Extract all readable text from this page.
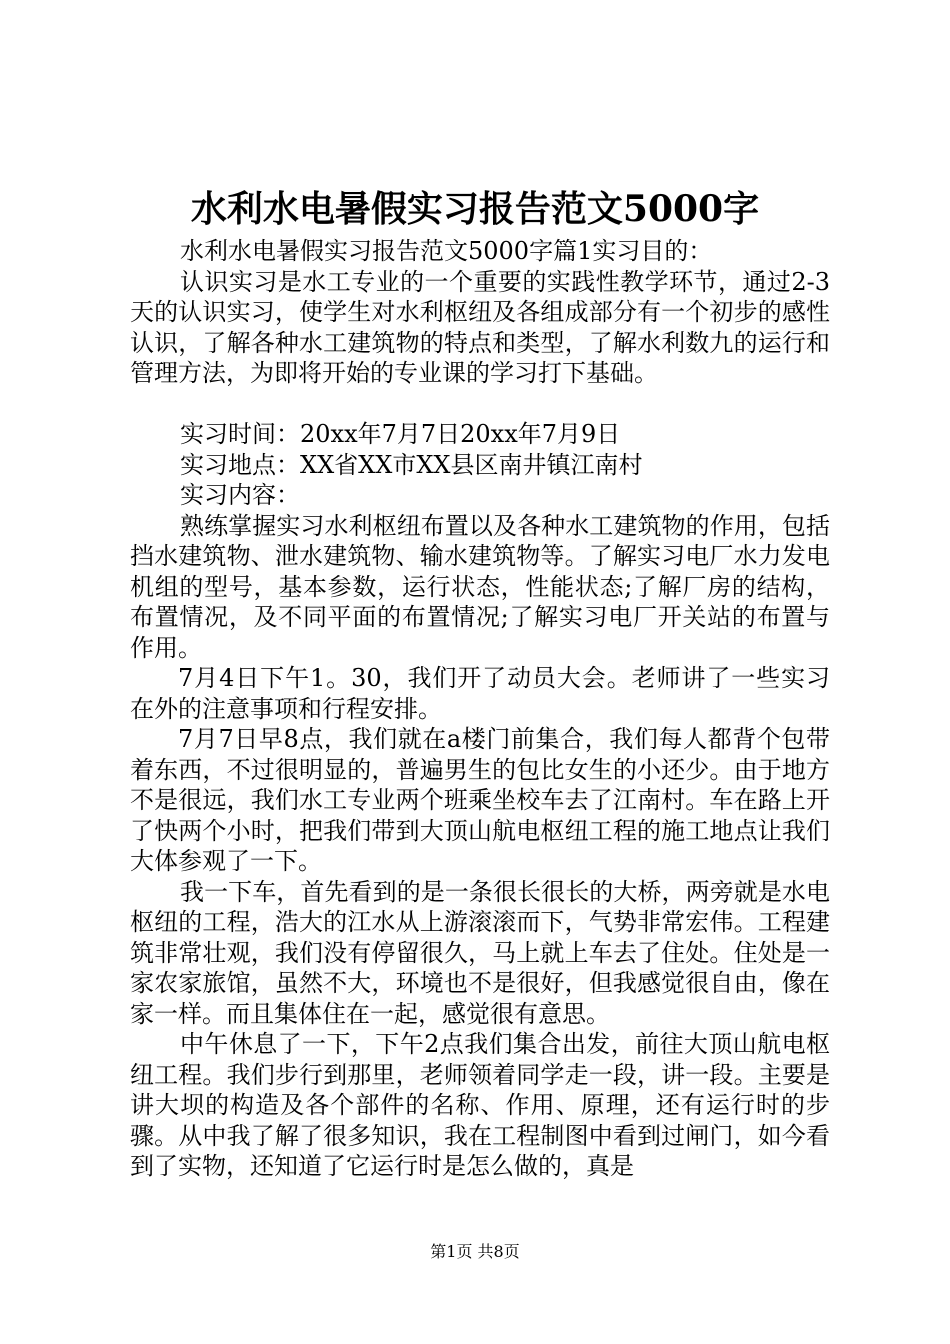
水利水电暑假实习报告范文5000字

水利水电暑假实习报告范文5000字篇1实习目的：

认识实习是水工专业的一个重要的实践性教学环节，通过2-3天的认识实习，使学生对水利枢纽及各组成部分有一个初步的感性认识，了解各种水工建筑物的特点和类型，了解水利数九的运行和管理方法，为即将开始的专业课的学习打下基础。

实习时间：20xx年7月7日20xx年7月9日

实习地点：XX省XX市XX县区南井镇江南村

实习内容：

熟练掌握实习水利枢纽布置以及各种水工建筑物的作用，包括挡水建筑物、泄水建筑物、输水建筑物等。了解实习电厂水力发电机组的型号，基本参数，运行状态，性能状态;了解厂房的结构，布置情况，及不同平面的布置情况;了解实习电厂开关站的布置与作用。

7月4日下午1。30，我们开了动员大会。老师讲了一些实习在外的注意事项和行程安排。

7月7日早8点，我们就在a楼门前集合，我们每人都背个包带着东西，不过很明显的，普遍男生的包比女生的小还少。由于地方不是很远，我们水工专业两个班乘坐校车去了江南村。车在路上开了快两个小时，把我们带到大顶山航电枢纽工程的施工地点让我们大体参观了一下。

我一下车，首先看到的是一条很长很长的大桥，两旁就是水电枢纽的工程，浩大的江水从上游滚滚而下，气势非常宏伟。工程建筑非常壮观，我们没有停留很久，马上就上车去了住处。住处是一家农家旅馆，虽然不大，环境也不是很好，但我感觉很自由，像在家一样。而且集体住在一起，感觉很有意思。

中午休息了一下，下午2点我们集合出发，前往大顶山航电枢纽工程。我们步行到那里，老师领着同学走一段，讲一段。主要是讲大坝的构造及各个部件的名称、作用、原理，还有运行时的步骤。从中我了解了很多知识，我在工程制图中看到过闸门，如今看到了实物，还知道了它运行时是怎么做的，真是

第1页 共8页
